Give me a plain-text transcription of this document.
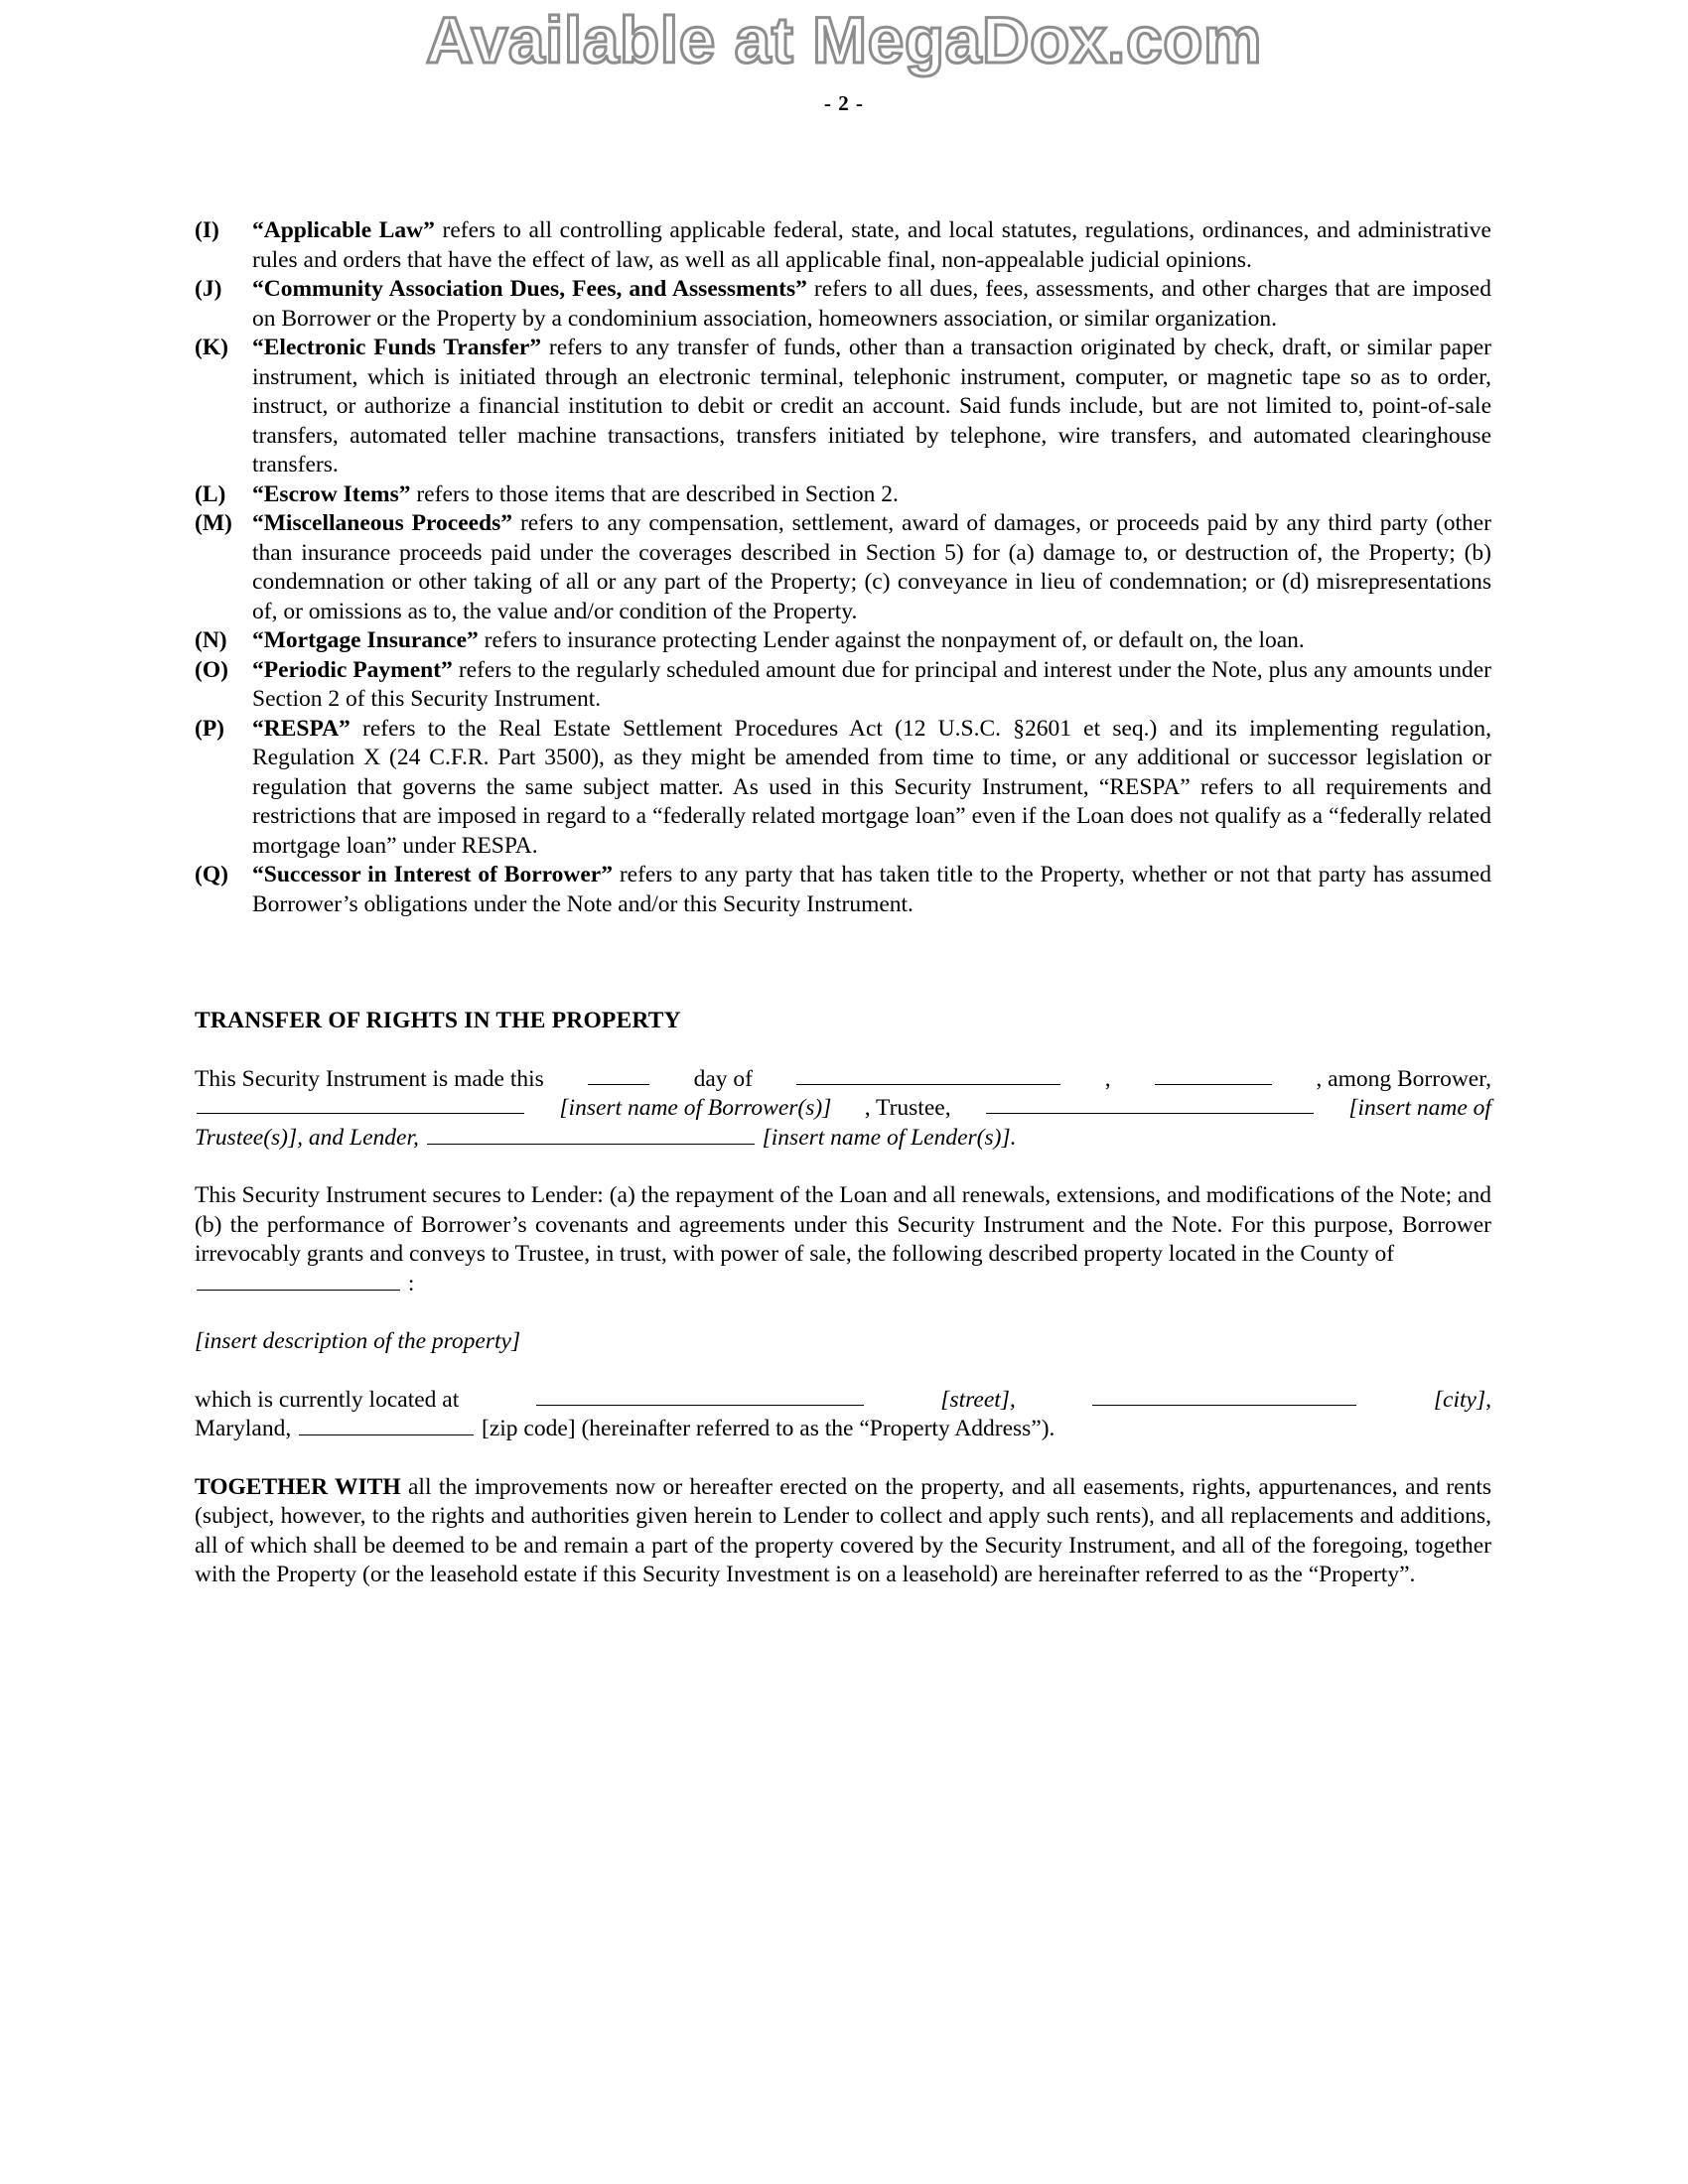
Available at MegaDox.com
- 2 -
(I)	“Applicable Law” refers to all controlling applicable federal, state, and local statutes, regulations, ordinances, and administrative rules and orders that have the effect of law, as well as all applicable final, non-appealable judicial opinions.
(J)	“Community Association Dues, Fees, and Assessments” refers to all dues, fees, assessments, and other charges that are imposed on Borrower or the Property by a condominium association, homeowners association, or similar organization.
(K)	“Electronic Funds Transfer” refers to any transfer of funds, other than a transaction originated by check, draft, or similar paper instrument, which is initiated through an electronic terminal, telephonic instrument, computer, or magnetic tape so as to order, instruct, or authorize a financial institution to debit or credit an account. Said funds include, but are not limited to, point-of-sale transfers, automated teller machine transactions, transfers initiated by telephone, wire transfers, and automated clearinghouse transfers.
(L)	“Escrow Items” refers to those items that are described in Section 2.
(M) “Miscellaneous Proceeds” refers to any compensation, settlement, award of damages, or proceeds paid by any third party (other than insurance proceeds paid under the coverages described in Section 5) for (a) damage to, or destruction of, the Property; (b) condemnation or other taking of all or any part of the Property; (c) conveyance in lieu of condemnation; or (d) misrepresentations of, or omissions as to, the value and/or condition of the Property.
(N)	“Mortgage Insurance” refers to insurance protecting Lender against the nonpayment of, or default on, the loan.
(O)	“Periodic Payment” refers to the regularly scheduled amount due for principal and interest under the Note, plus any amounts under Section 2 of this Security Instrument.
(P)	“RESPA” refers to the Real Estate Settlement Procedures Act (12 U.S.C. §2601 et seq.) and its implementing regulation, Regulation X (24 C.F.R. Part 3500), as they might be amended from time to time, or any additional or successor legislation or regulation that governs the same subject matter. As used in this Security Instrument, “RESPA” refers to all requirements and restrictions that are imposed in regard to a “federally related mortgage loan” even if the Loan does not qualify as a “federally related mortgage loan” under RESPA.
(Q)	“Successor in Interest of Borrower” refers to any party that has taken title to the Property, whether or not that party has assumed Borrower’s obligations under the Note and/or this Security Instrument.
TRANSFER OF RIGHTS IN THE PROPERTY
This Security Instrument is made this	day of	,	, among Borrower,
[insert name of Borrower(s)] , Trustee,	[insert name of
Trustee(s)], and Lender,	[insert name of Lender(s)].
This Security Instrument secures to Lender: (a) the repayment of the Loan and all renewals, extensions, and modifications of the Note; and (b) the performance of Borrower’s covenants and agreements under this Security Instrument and the Note. For this purpose, Borrower irrevocably grants and conveys to Trustee, in trust, with power of sale, the following described property located in the County of
:
[insert description of the property]
which is currently located at	[street],	[city],
Maryland,	[zip code] (hereinafter referred to as the “Property Address”).
TOGETHER WITH all the improvements now or hereafter erected on the property, and all easements, rights, appurtenances, and rents (subject, however, to the rights and authorities given herein to Lender to collect and apply such rents), and all replacements and additions, all of which shall be deemed to be and remain a part of the property covered by the Security Instrument, and all of the foregoing, together with the Property (or the leasehold estate if this Security Investment is on a leasehold) are hereinafter referred to as the “Property”.
